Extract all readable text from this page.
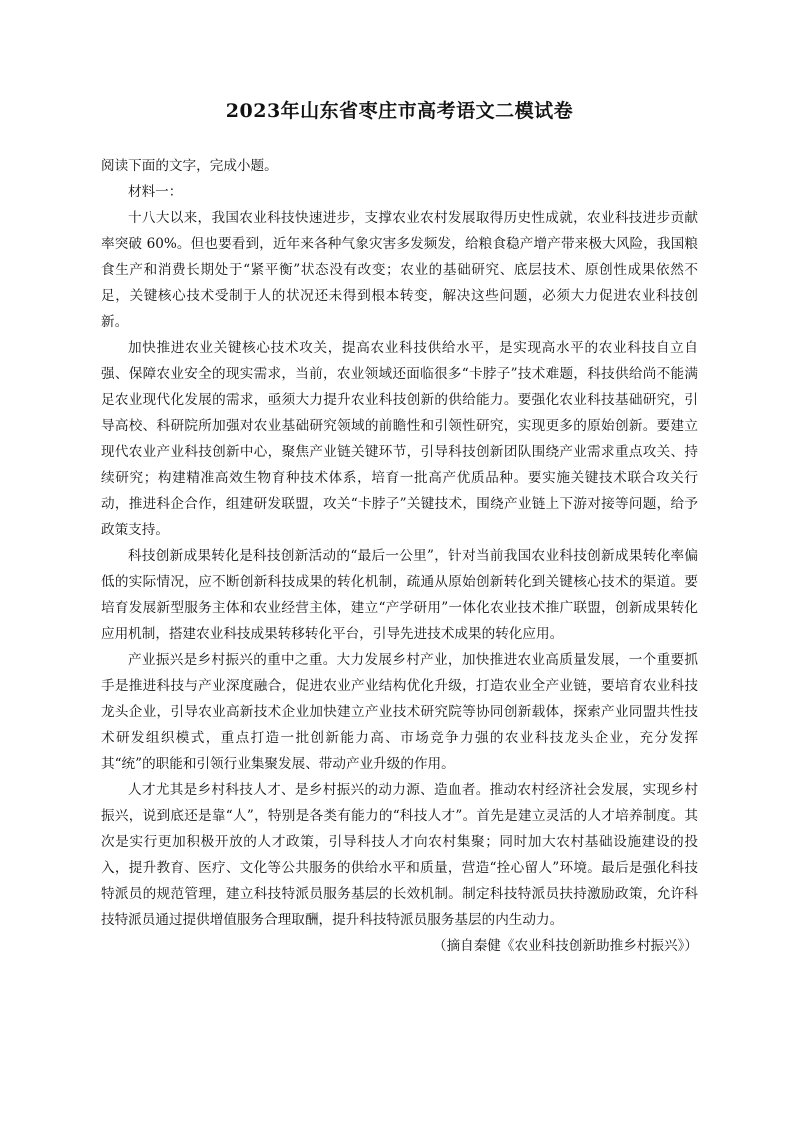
2023年山东省枣庄市高考语文二模试卷

阅读下面的文字，完成小题。

材料一：

十八大以来，我国农业科技快速进步，支撑农业农村发展取得历史性成就，农业科技进步贡献率突破 60%。但也要看到，近年来各种气象灾害多发频发，给粮食稳产增产带来极大风险，我国粮食生产和消费长期处于“紧平衡”状态没有改变；农业的基础研究、底层技术、原创性成果依然不足，关键核心技术受制于人的状况还未得到根本转变，解决这些问题，必须大力促进农业科技创新。

加快推进农业关键核心技术攻关，提高农业科技供给水平，是实现高水平的农业科技自立自强、保障农业安全的现实需求，当前，农业领域还面临很多“卡脖子”技术难题，科技供给尚不能满足农业现代化发展的需求，亟须大力提升农业科技创新的供给能力。要强化农业科技基础研究，引导高校、科研院所加强对农业基础研究领域的前瞻性和引领性研究，实现更多的原始创新。要建立现代农业产业科技创新中心，聚焦产业链关键环节，引导科技创新团队围绕产业需求重点攻关、持续研究；构建精准高效生物育种技术体系，培育一批高产优质品种。要实施关键技术联合攻关行动，推进科企合作，组建研发联盟，攻关“卡脖子”关键技术，围绕产业链上下游对接等问题，给予政策支持。

科技创新成果转化是科技创新活动的“最后一公里”，针对当前我国农业科技创新成果转化率偏低的实际情况，应不断创新科技成果的转化机制，疏通从原始创新转化到关键核心技术的渠道。要培育发展新型服务主体和农业经营主体，建立“产学研用”一体化农业技术推广联盟，创新成果转化应用机制，搭建农业科技成果转移转化平台，引导先进技术成果的转化应用。

产业振兴是乡村振兴的重中之重。大力发展乡村产业，加快推进农业高质量发展，一个重要抓手是推进科技与产业深度融合，促进农业产业结构优化升级，打造农业全产业链，要培育农业科技龙头企业，引导农业高新技术企业加快建立产业技术研究院等协同创新载体，探索产业同盟共性技术研发组织模式，重点打造一批创新能力高、市场竞争力强的农业科技龙头企业，充分发挥其“统”的职能和引领行业集聚发展、带动产业升级的作用。

人才尤其是乡村科技人才、是乡村振兴的动力源、造血者。推动农村经济社会发展，实现乡村振兴，说到底还是靠“人”，特别是各类有能力的“科技人才”。首先是建立灵活的人才培养制度。其次是实行更加积极开放的人才政策，引导科技人才向农村集聚；同时加大农村基础设施建设的投入，提升教育、医疗、文化等公共服务的供给水平和质量，营造“拴心留人”环境。最后是强化科技特派员的规范管理，建立科技特派员服务基层的长效机制。制定科技特派员扶持激励政策，允许科技特派员通过提供增值服务合理取酬，提升科技特派员服务基层的内生动力。

（摘自秦健《农业科技创新助推乡村振兴》）
